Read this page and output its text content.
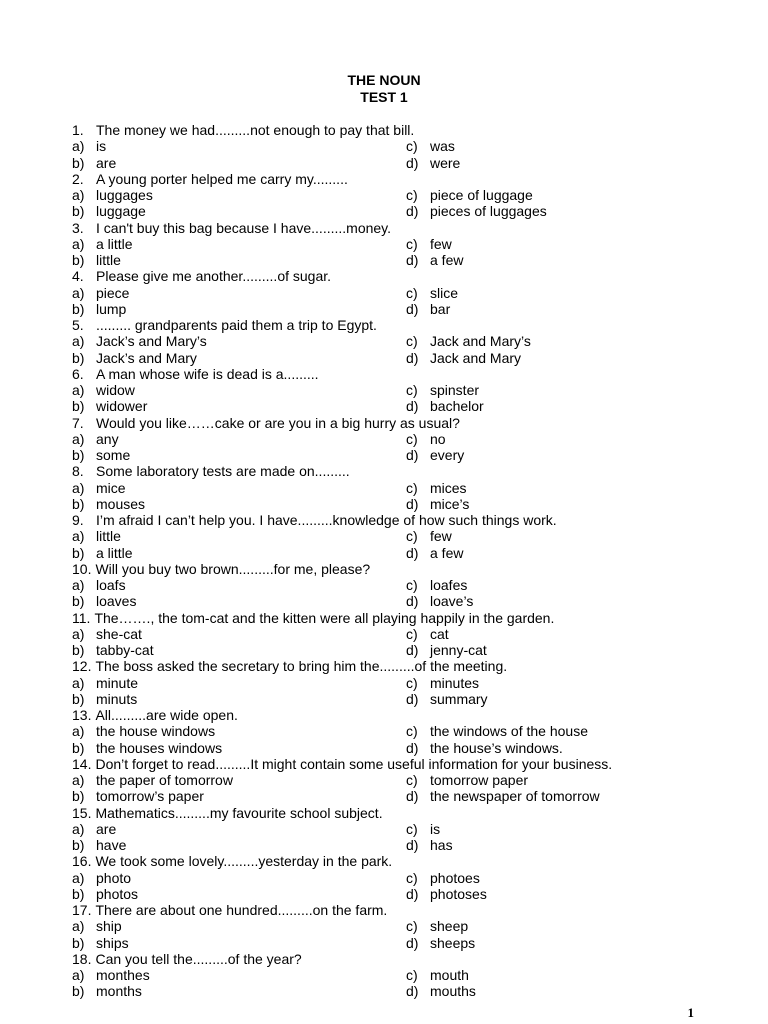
THE NOUN
TEST 1
1. The money we had.........not enough to pay that bill.
a) is	c) was
b) are	d) were
2. A young porter helped me carry my.........
a) luggages	c) piece of luggage
b) luggage	d) pieces of luggages
3. I can't buy this bag because I have.........money.
a) a little	c) few
b) little	d) a few
4. Please give me another.........of sugar.
a) piece	c) slice
b) lump	d) bar
5. ......... grandparents paid them a trip to Egypt.
a) Jack’s and Mary’s	c) Jack and Mary’s
b) Jack’s and Mary	d) Jack and Mary
6. A man whose wife is dead is a.........
a) widow	c) spinster
b) widower	d) bachelor
7. Would you like……cake or are you in a big hurry as usual?
a) any	c) no
b) some	d) every
8. Some laboratory tests are made on.........
a) mice	c) mices
b) mouses	d) mice’s
9. I’m afraid I can’t help you. I have.........knowledge of how such things work.
a) little	c) few
b) a little	d) a few
10. Will you buy two brown.........for me, please?
a) loafs	c) loafes
b) loaves	d) loave’s
11. The……., the tom-cat and the kitten were all playing happily in the garden.
a) she-cat	c) cat
b) tabby-cat	d) jenny-cat
12. The boss asked the secretary to bring him the.........of the meeting.
a) minute	c) minutes
b) minuts	d) summary
13. All.........are wide open.
a) the house windows	c) the windows of the house
b) the houses windows	d) the house’s windows.
14. Don’t forget to read.........It might contain some useful information for your business.
a) the paper of tomorrow	c) tomorrow paper
b) tomorrow’s paper	d) the newspaper of tomorrow
15. Mathematics.........my favourite school subject.
a) are	c) is
b) have	d) has
16. We took some lovely.........yesterday in the park.
a) photo	c) photoes
b) photos	d) photoses
17. There are about one hundred.........on the farm.
a) ship	c) sheep
b) ships	d) sheeps
18. Can you tell the.........of the year?
a) monthes	c) mouth
b) months	d) mouths
1
